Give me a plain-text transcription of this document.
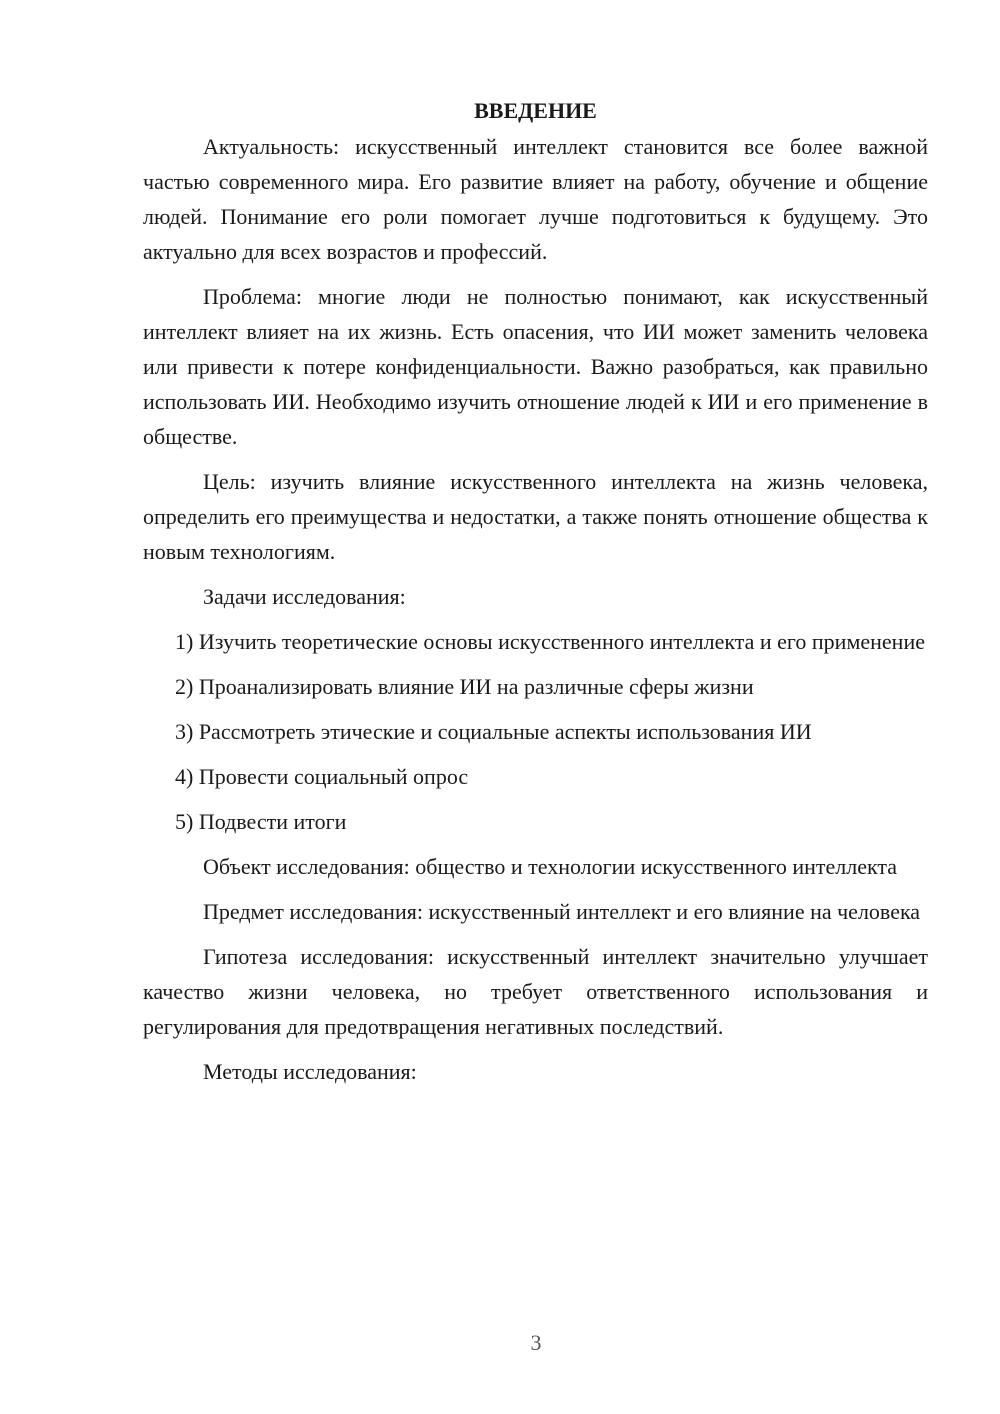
ВВЕДЕНИЕ

Актуальность: искусственный интеллект становится все более важной частью современного мира. Его развитие влияет на работу, обучение и общение людей. Понимание его роли помогает лучше подготовиться к будущему. Это актуально для всех возрастов и профессий.

Проблема: многие люди не полностью понимают, как искусственный интеллект влияет на их жизнь. Есть опасения, что ИИ может заменить человека или привести к потере конфиденциальности. Важно разобраться, как правильно использовать ИИ. Необходимо изучить отношение людей к ИИ и его применение в обществе.

Цель: изучить влияние искусственного интеллекта на жизнь человека, определить его преимущества и недостатки, а также понять отношение общества к новым технологиям.

Задачи исследования:

1) Изучить теоретические основы искусственного интеллекта и его применение

2) Проанализировать влияние ИИ на различные сферы жизни

3) Рассмотреть этические и социальные аспекты использования ИИ

4) Провести социальный опрос

5) Подвести итоги

Объект исследования: общество и технологии искусственного интеллекта

Предмет исследования: искусственный интеллект и его влияние на человека

Гипотеза исследования: искусственный интеллект значительно улучшает качество жизни человека, но требует ответственного использования и регулирования для предотвращения негативных последствий.

Методы исследования:

3
